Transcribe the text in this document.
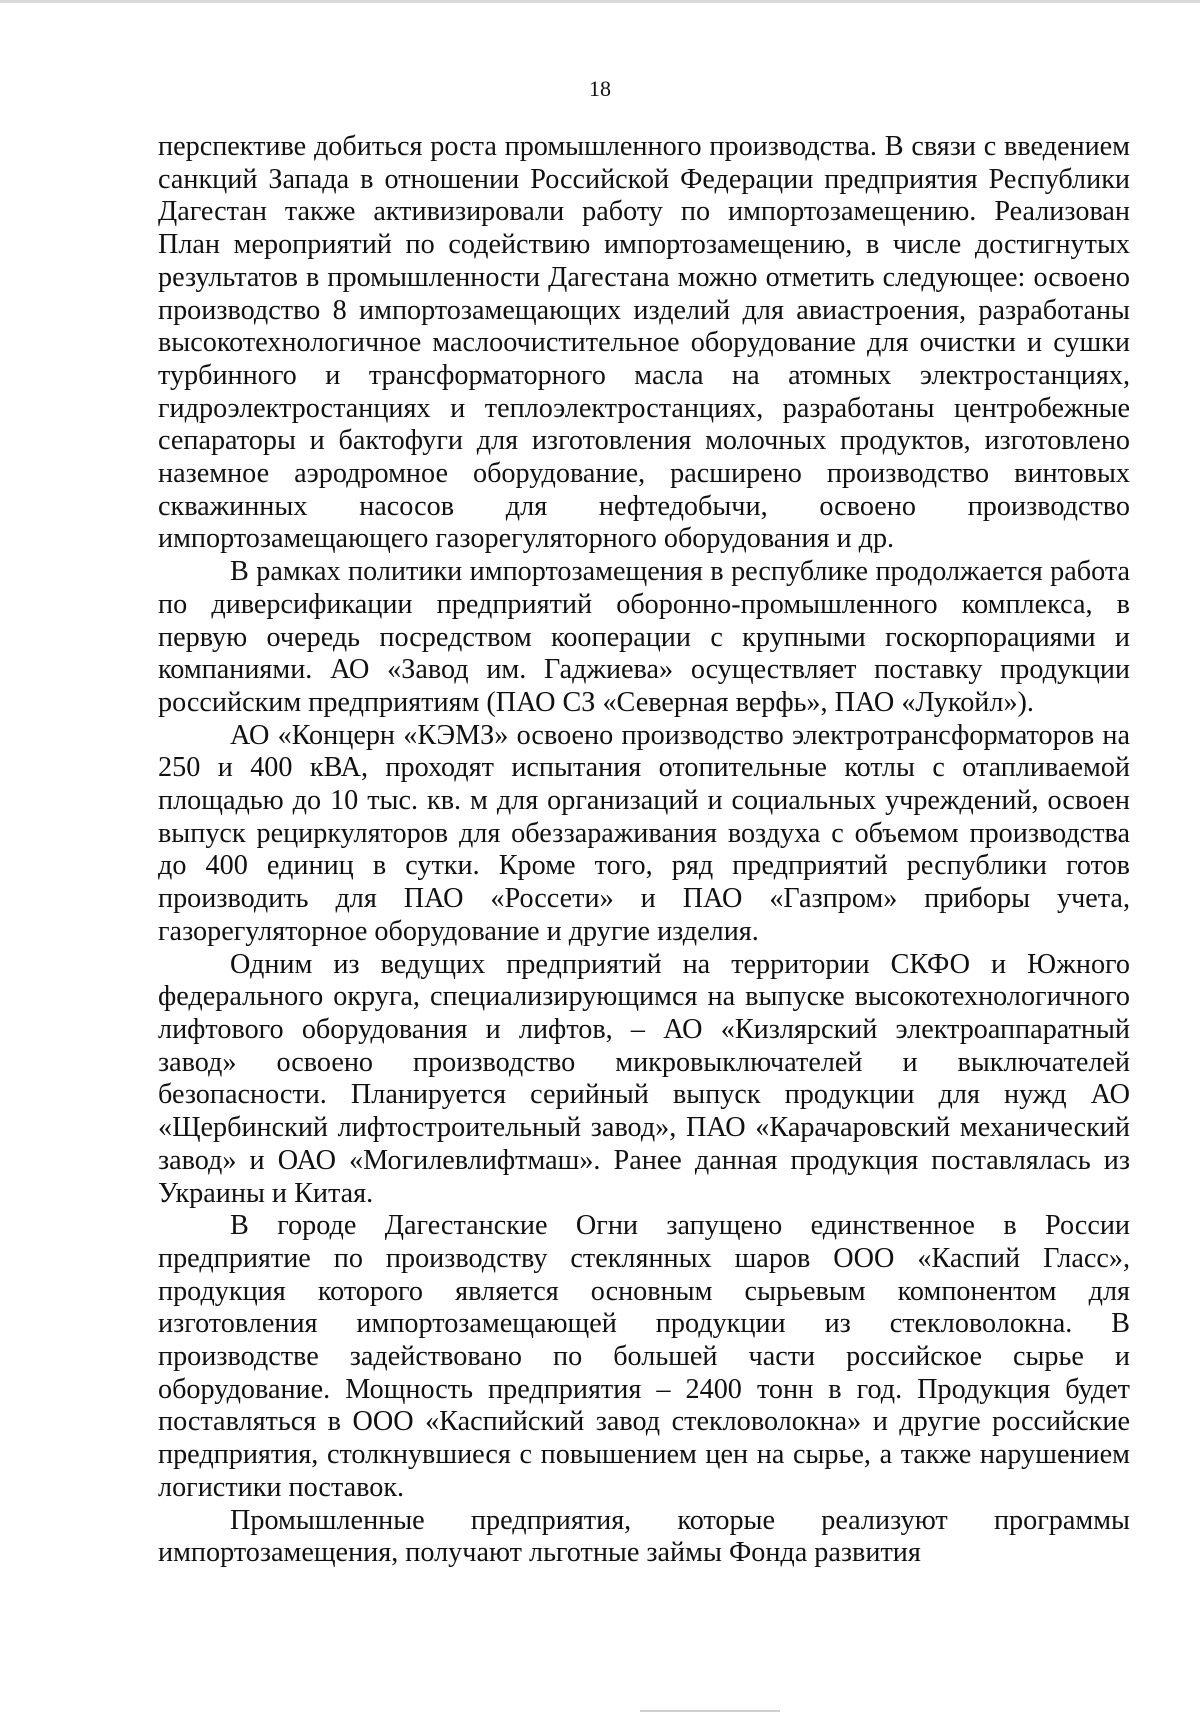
18

перспективе добиться роста промышленного производства. В связи с введением санкций Запада в отношении Российской Федерации предприятия Республики Дагестан также активизировали работу по импортозамещению. Реализован План мероприятий по содействию импортозамещению, в числе достигнутых результатов в промышленности Дагестана можно отметить следующее: освоено производство 8 импортозамещающих изделий для авиастроения, разработаны высокотехнологичное маслоочистительное оборудование для очистки и сушки турбинного и трансформаторного масла на атомных электростанциях, гидроэлектростанциях и теплоэлектростанциях, разработаны центробежные сепараторы и бактофуги для изготовления молочных продуктов, изготовлено наземное аэродромное оборудование, расширено производство винтовых скважинных насосов для нефтедобычи, освоено производство импортозамещающего газорегуляторного оборудования и др.

В рамках политики импортозамещения в республике продолжается работа по диверсификации предприятий оборонно-промышленного комплекса, в первую очередь посредством кооперации с крупными госкорпорациями и компаниями. АО «Завод им. Гаджиева» осуществляет поставку продукции российским предприятиям (ПАО СЗ «Северная верфь», ПАО «Лукойл»).

АО «Концерн «КЭМЗ» освоено производство электротрансформаторов на 250 и 400 кВА, проходят испытания отопительные котлы с отапливаемой площадью до 10 тыс. кв. м для организаций и социальных учреждений, освоен выпуск рециркуляторов для обеззараживания воздуха с объемом производства до 400 единиц в сутки. Кроме того, ряд предприятий республики готов производить для ПАО «Россети» и ПАО «Газпром» приборы учета, газорегуляторное оборудование и другие изделия.

Одним из ведущих предприятий на территории СКФО и Южного федерального округа, специализирующимся на выпуске высокотехнологичного лифтового оборудования и лифтов, – АО «Кизлярский электроаппаратный завод» освоено производство микровыключателей и выключателей безопасности. Планируется серийный выпуск продукции для нужд АО «Щербинский лифтостроительный завод», ПАО «Карачаровский механический завод» и ОАО «Могилевлифтмаш». Ранее данная продукция поставлялась из Украины и Китая.

В городе Дагестанские Огни запущено единственное в России предприятие по производству стеклянных шаров ООО «Каспий Гласс», продукция которого является основным сырьевым компонентом для изготовления импортозамещающей продукции из стекловолокна. В производстве задействовано по большей части российское сырье и оборудование. Мощность предприятия – 2400 тонн в год. Продукция будет поставляться в ООО «Каспийский завод стекловолокна» и другие российские предприятия, столкнувшиеся с повышением цен на сырье, а также нарушением логистики поставок.

Промышленные предприятия, которые реализуют программы импортозамещения, получают льготные займы Фонда развития
